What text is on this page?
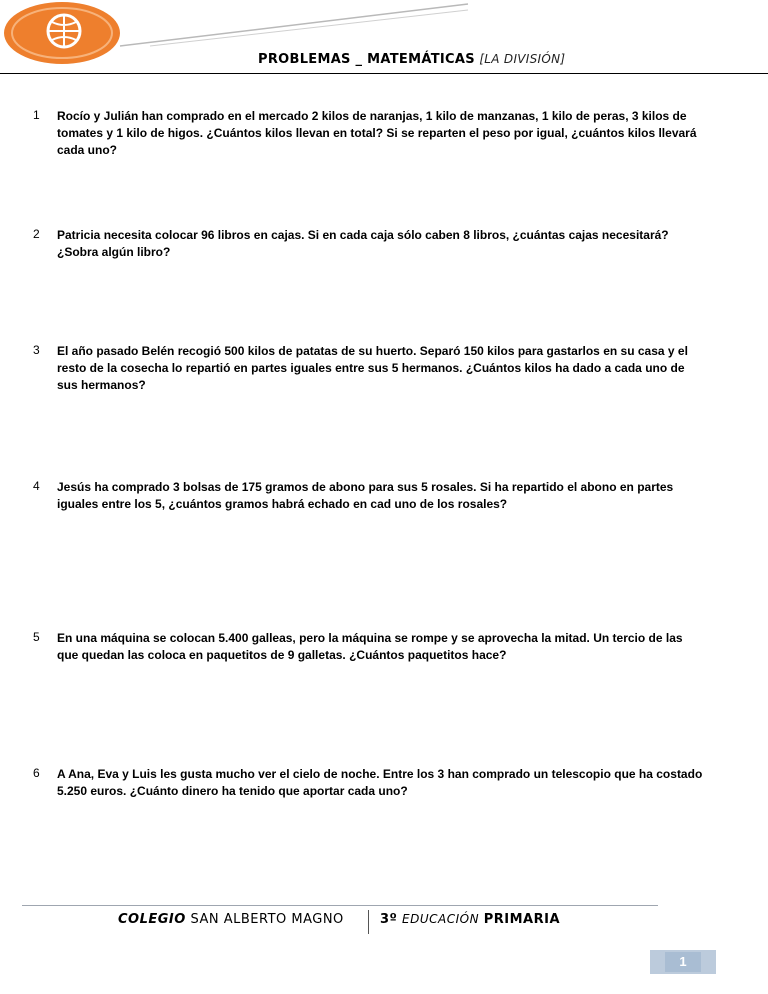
PROBLEMAS _ MATEMÁTICAS [LA DIVISIÓN]
1 Rocío y Julián han comprado en el mercado 2 kilos de naranjas, 1 kilo de manzanas, 1 kilo de peras, 3 kilos de tomates y 1 kilo de higos. ¿Cuántos kilos llevan en total? Si se reparten el peso por igual, ¿cuántos kilos llevará cada uno?
2 Patricia necesita colocar 96 libros en cajas. Si en cada caja sólo caben 8 libros, ¿cuántas cajas necesitará? ¿Sobra algún libro?
3 El año pasado Belén recogió 500 kilos de patatas de su huerto. Separó 150 kilos para gastarlos en su casa y el resto de la cosecha lo repartió en partes iguales entre sus 5 hermanos. ¿Cuántos kilos ha dado a cada uno de sus hermanos?
4 Jesús ha comprado 3 bolsas de 175 gramos de abono para sus 5 rosales. Si ha repartido el abono en partes iguales entre los 5, ¿cuántos gramos habrá echado en cad uno de los rosales?
5 En una máquina se colocan 5.400 galleas, pero la máquina se rompe y se aprovecha la mitad. Un tercio de las que quedan las coloca en paquetitos de 9 galletas. ¿Cuántos paquetitos hace?
6 A Ana, Eva y Luis les gusta mucho ver el cielo de noche. Entre los 3 han comprado un telescopio que ha costado 5.250 euros. ¿Cuánto dinero ha tenido que aportar cada uno?
COLEGIO SAN ALBERTO MAGNO	3º EDUCACIÓN PRIMARIA
1
